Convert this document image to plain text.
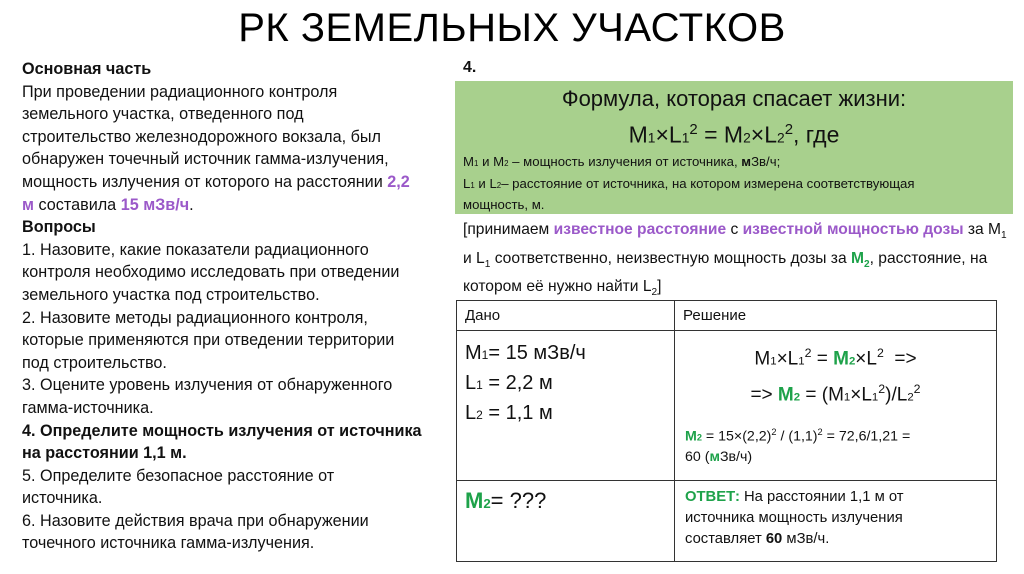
РК ЗЕМЕЛЬНЫХ УЧАСТКОВ
Основная часть
При проведении радиационного контроля
земельного участка, отведенного под
строительство железнодорожного вокзала, был
обнаружен точечный источник гамма-излучения,
мощность излучения от которого на расстоянии 2,2
м составила 15 мЗв/ч.
Вопросы
1. Назовите, какие показатели радиационного
контроля необходимо исследовать при отведении
земельного участка под строительство.
2. Назовите методы радиационного контроля,
которые применяются при отведении территории
под строительство.
3. Оцените уровень излучения от обнаруженного
гамма-источника.
4. Определите мощность излучения от источника
на расстоянии 1,1 м.
5. Определите безопасное расстояние от
источника.
6. Назовите действия врача при обнаружении
точечного источника гамма-излучения.
4.
Формула, которая спасает жизни:
$M1\times L1^2 = M2\times L2^2$, где
M1 и M2 – мощность излучения от источника, мЗв/ч;
L1 и L2– расстояние от источника, на котором измерена соответствующая
мощность, м.
[принимаем известное расстояние с известной мощностью дозы за $M_1$ и $L_1$ соответственно, неизвестную мощность дозы за $M_2$, расстояние, на котором её нужно найти $L_2$]
Дано	Решение
M1= 15 мЗв/ч
L1 = 2,2 м
L2 = 1,1 м
$M1\times L1^2 = M2\times L^2$  =>
=> $M2 = (M1\times L1^2)/L2^2$
$M2 = 15\times(2,2)^2 / (1,1)^2 = 72,6/1,21$ =
60 (мЗв/ч)
M2= ???	ОТВЕТ: На расстоянии 1,1 м от
источника мощность излучения
составляет 60 мЗв/ч.
